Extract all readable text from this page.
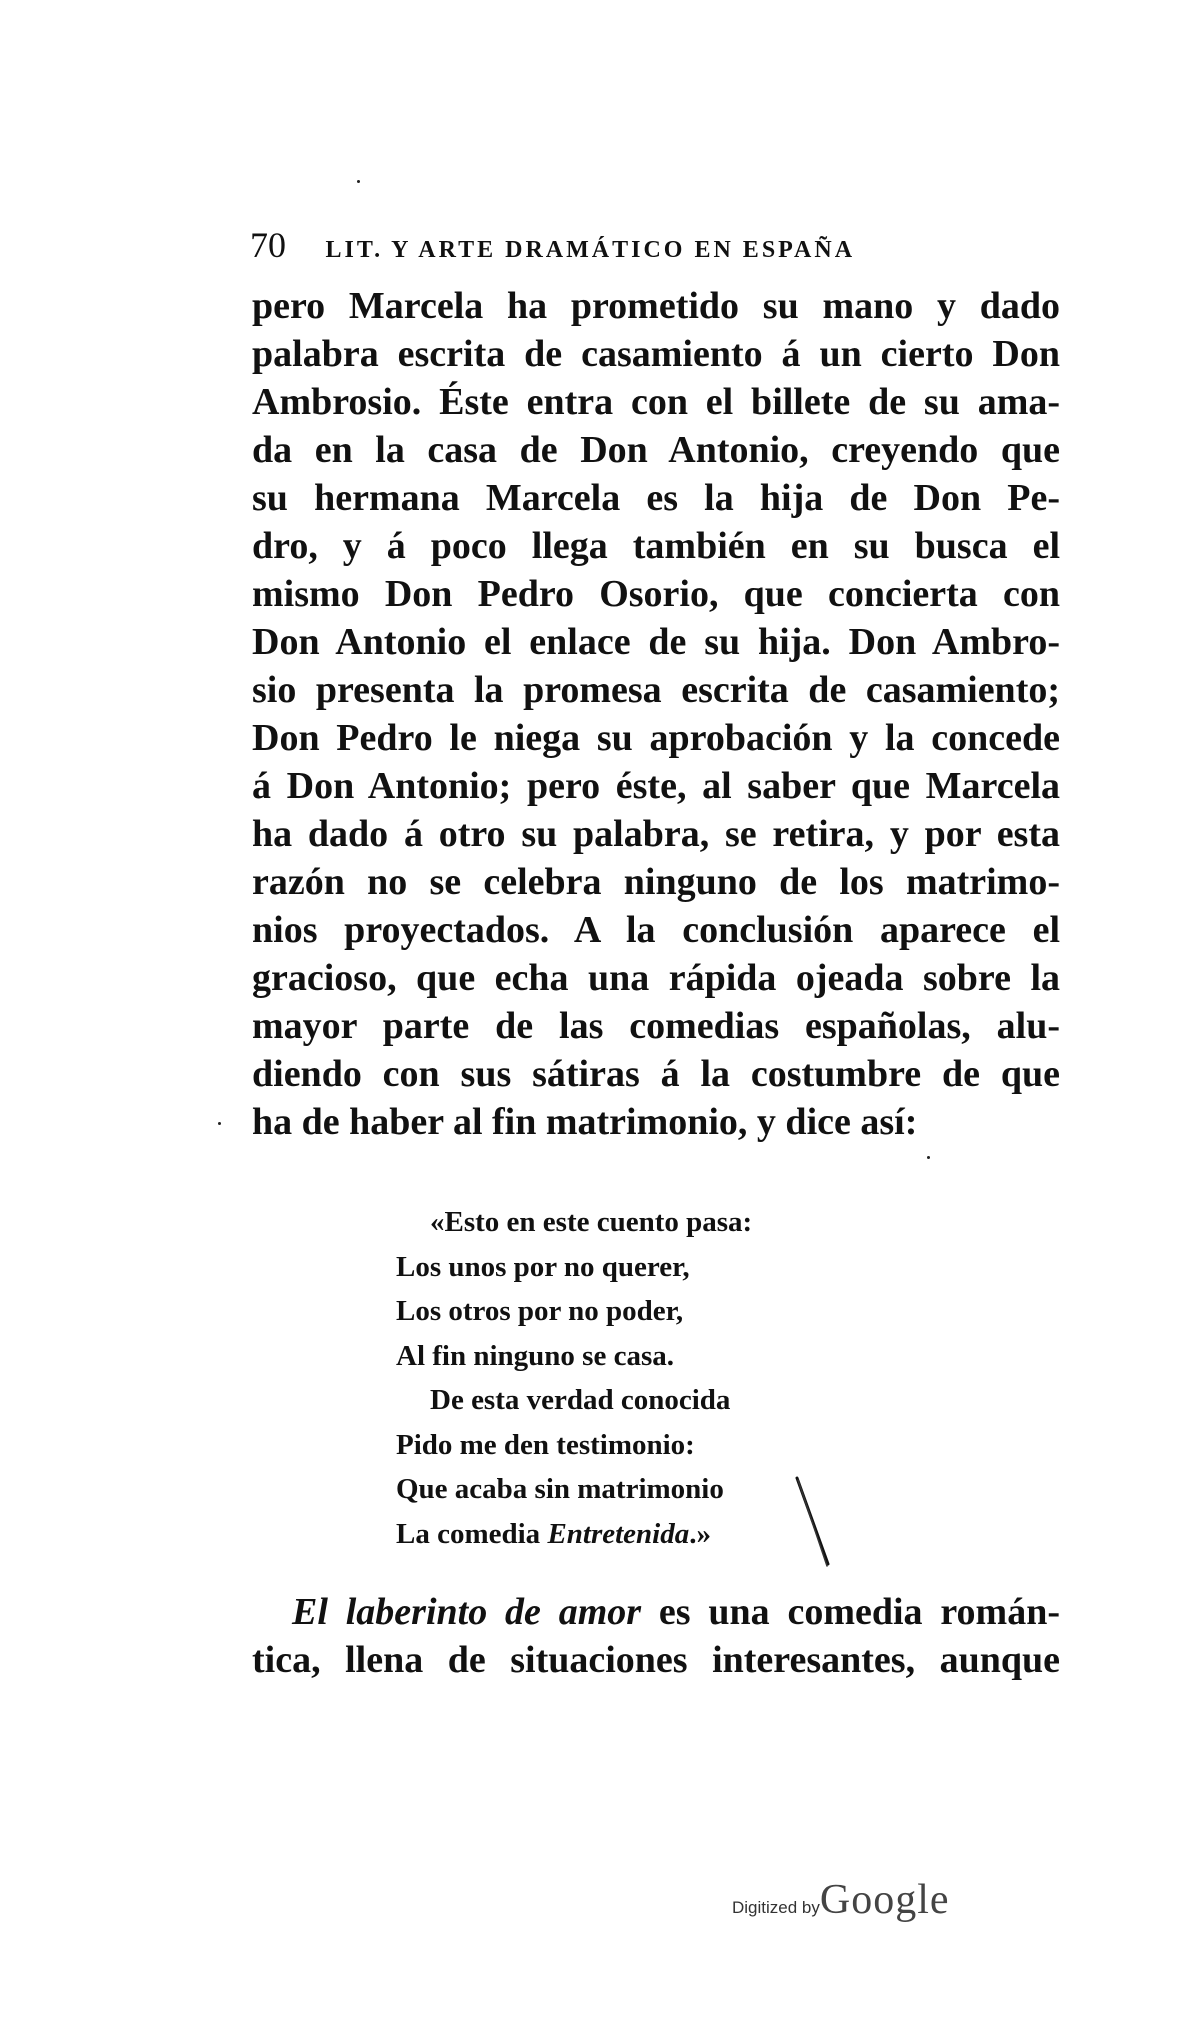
70 LIT. Y ARTE DRAMÁTICO EN ESPAÑA
pero Marcela ha prometido su mano y dado
palabra escrita de casamiento á un cierto Don
Ambrosio. Éste entra con el billete de su ama-
da en la casa de Don Antonio, creyendo que
su hermana Marcela es la hija de Don Pe-
dro, y á poco llega también en su busca el
mismo Don Pedro Osorio, que concierta con
Don Antonio el enlace de su hija. Don Ambro-
sio presenta la promesa escrita de casamiento;
Don Pedro le niega su aprobación y la concede
á Don Antonio; pero éste, al saber que Marcela
ha dado á otro su palabra, se retira, y por esta
razón no se celebra ninguno de los matrimo-
nios proyectados. A la conclusión aparece el
gracioso, que echa una rápida ojeada sobre la
mayor parte de las comedias españolas, alu-
diendo con sus sátiras á la costumbre de que
ha de haber al fin matrimonio, y dice así:
«Esto en este cuento pasa:
Los unos por no querer,
Los otros por no poder,
Al fin ninguno se casa.
De esta verdad conocida
Pido me den testimonio:
Que acaba sin matrimonio
La comedia Entretenida.»
El laberinto de amor es una comedia román-
tica, llena de situaciones interesantes, aunque
Digitized byGoogle
